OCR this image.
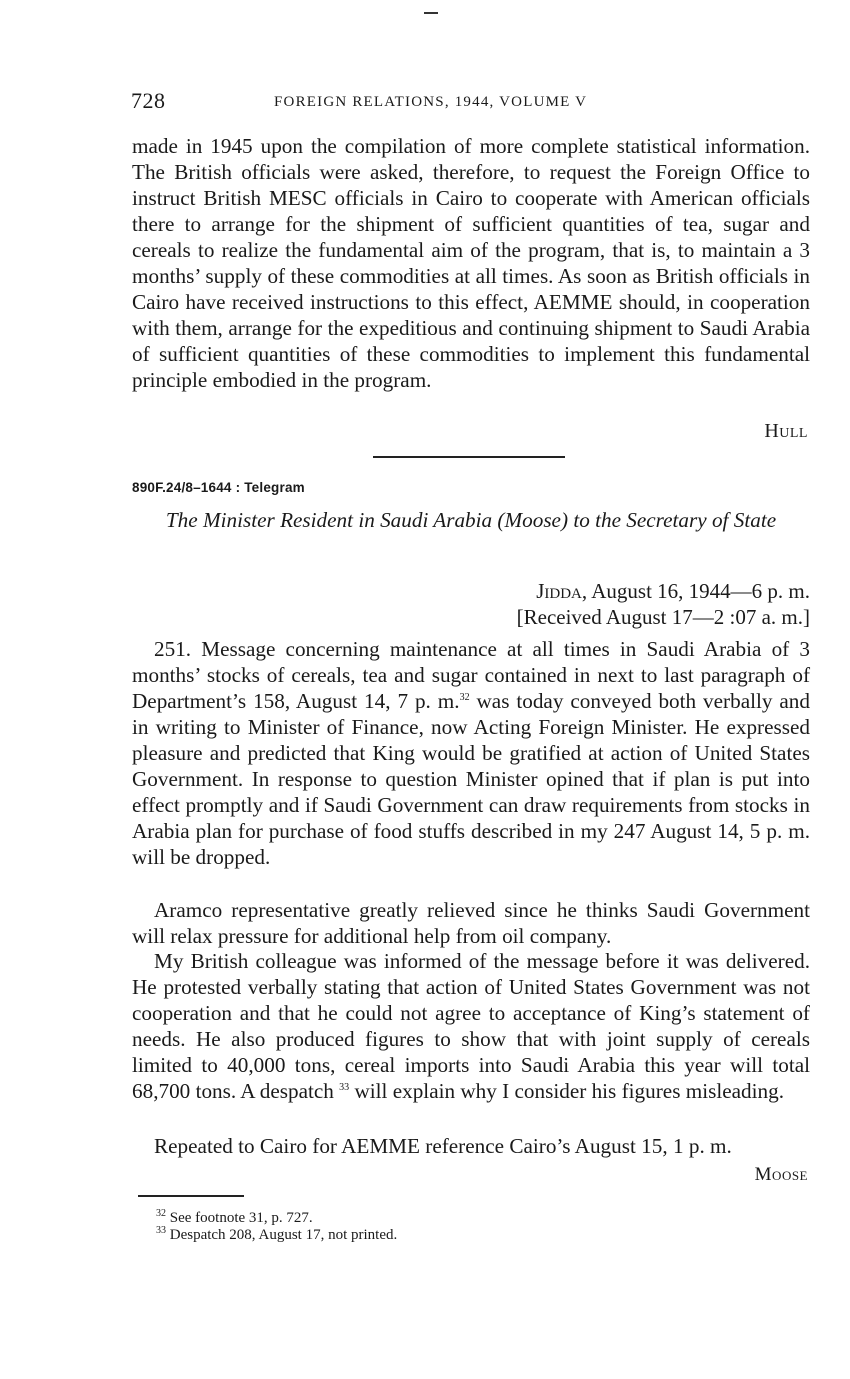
728	FOREIGN RELATIONS, 1944, VOLUME V

made in 1945 upon the compilation of more complete statistical information. The British officials were asked, therefore, to request the Foreign Office to instruct British MESC officials in Cairo to cooperate with American officials there to arrange for the shipment of sufficient quantities of tea, sugar and cereals to realize the fundamental aim of the program, that is, to maintain a 3 months’ supply of these commodities at all times. As soon as British officials in Cairo have received instructions to this effect, AEMME should, in cooperation with them, arrange for the expeditious and continuing shipment to Saudi Arabia of sufficient quantities of these commodities to implement this fundamental principle embodied in the program.

Hull
890F.24/8–1644 : Telegram

The Minister Resident in Saudi Arabia (Moose) to the Secretary of State

Jidda, August 16, 1944—6 p. m.
[Received August 17—2 :07 a. m.]

251. Message concerning maintenance at all times in Saudi Arabia of 3 months’ stocks of cereals, tea and sugar contained in next to last paragraph of Department’s 158, August 14, 7 p. m.$^{32}$ was today conveyed both verbally and in writing to Minister of Finance, now Acting Foreign Minister. He expressed pleasure and predicted that King would be gratified at action of United States Government. In response to question Minister opined that if plan is put into effect promptly and if Saudi Government can draw requirements from stocks in Arabia plan for purchase of food stuffs described in my 247 August 14, 5 p. m. will be dropped.

Aramco representative greatly relieved since he thinks Saudi Government will relax pressure for additional help from oil company.

My British colleague was informed of the message before it was delivered. He protested verbally stating that action of United States Government was not cooperation and that he could not agree to acceptance of King’s statement of needs. He also produced figures to show that with joint supply of cereals limited to 40,000 tons, cereal imports into Saudi Arabia this year will total 68,700 tons. A despatch $^{33}$ will explain why I consider his figures misleading.

Repeated to Cairo for AEMME reference Cairo’s August 15, 1 p. m.

Moose
$^{32}$ See footnote 31, p. 727.
$^{33}$ Despatch 208, August 17, not printed.
